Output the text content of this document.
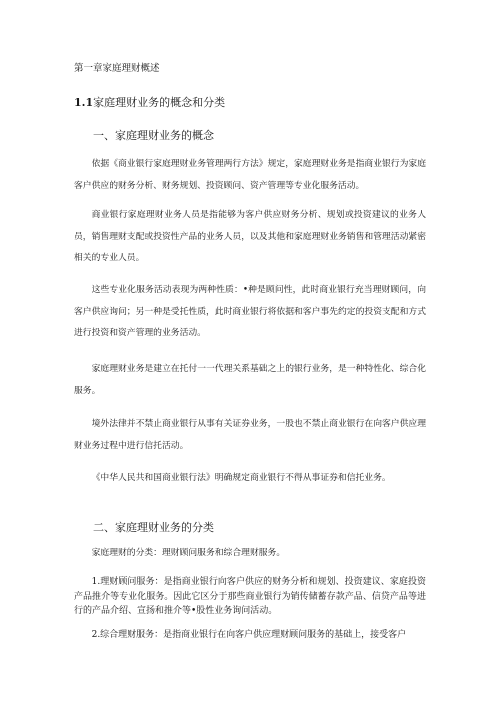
第一章家庭理财概述
1.1家庭理财业务的概念和分类
一、家庭理财业务的概念
依据《商业银行家庭理财业务管理两行方法》规定，家庭理财业务是指商业银行为家庭客户供应的财务分析、财务规划、投资顾问、资产管理等专业化服务活动。
商业银行家庭理财业务人员是指能够为客户供应财务分析、规划或投资建议的业务人员，销售理财支配或投资性产品的业务人员，以及其他和家庭理财业务销售和管理活动紧密相关的专业人员。
这些专业化服务活动表现为两种性质：•种是顾问性，此时商业银行充当理财顾问，向客户供应询问；另一种是受托性质，此时商业银行将依据和客户事先约定的投资支配和方式进行投资和资产管理的业务活动。
家庭理财业务是建立在托付一一代理关系基础之上的银行业务，是一种特性化、综合化服务。
境外法律并不禁止商业银行从事有关证券业务，一股也不禁止商业银行在向客户供应理财业务过程中进行信托活动。
《中华人民共和国商业银行法》明确规定商业银行不得从事证券和信托业务。
二、家庭理财业务的分类
家庭理财的分类：理财顾问服务和综合理财服务。
1.理财顾问服务：是指商业银行向客户供应的财务分析和规划、投资建议、家庭投资产品推介等专业化服务。因此它区分于那些商业银行为销传储蓄存款产品、信贷产品等进行的产品介绍、宣扬和推介等•股性业务询问活动。
2.综合理财服务：是指商业银行在向客户供应理财顾问服务的基础上，接受客户
